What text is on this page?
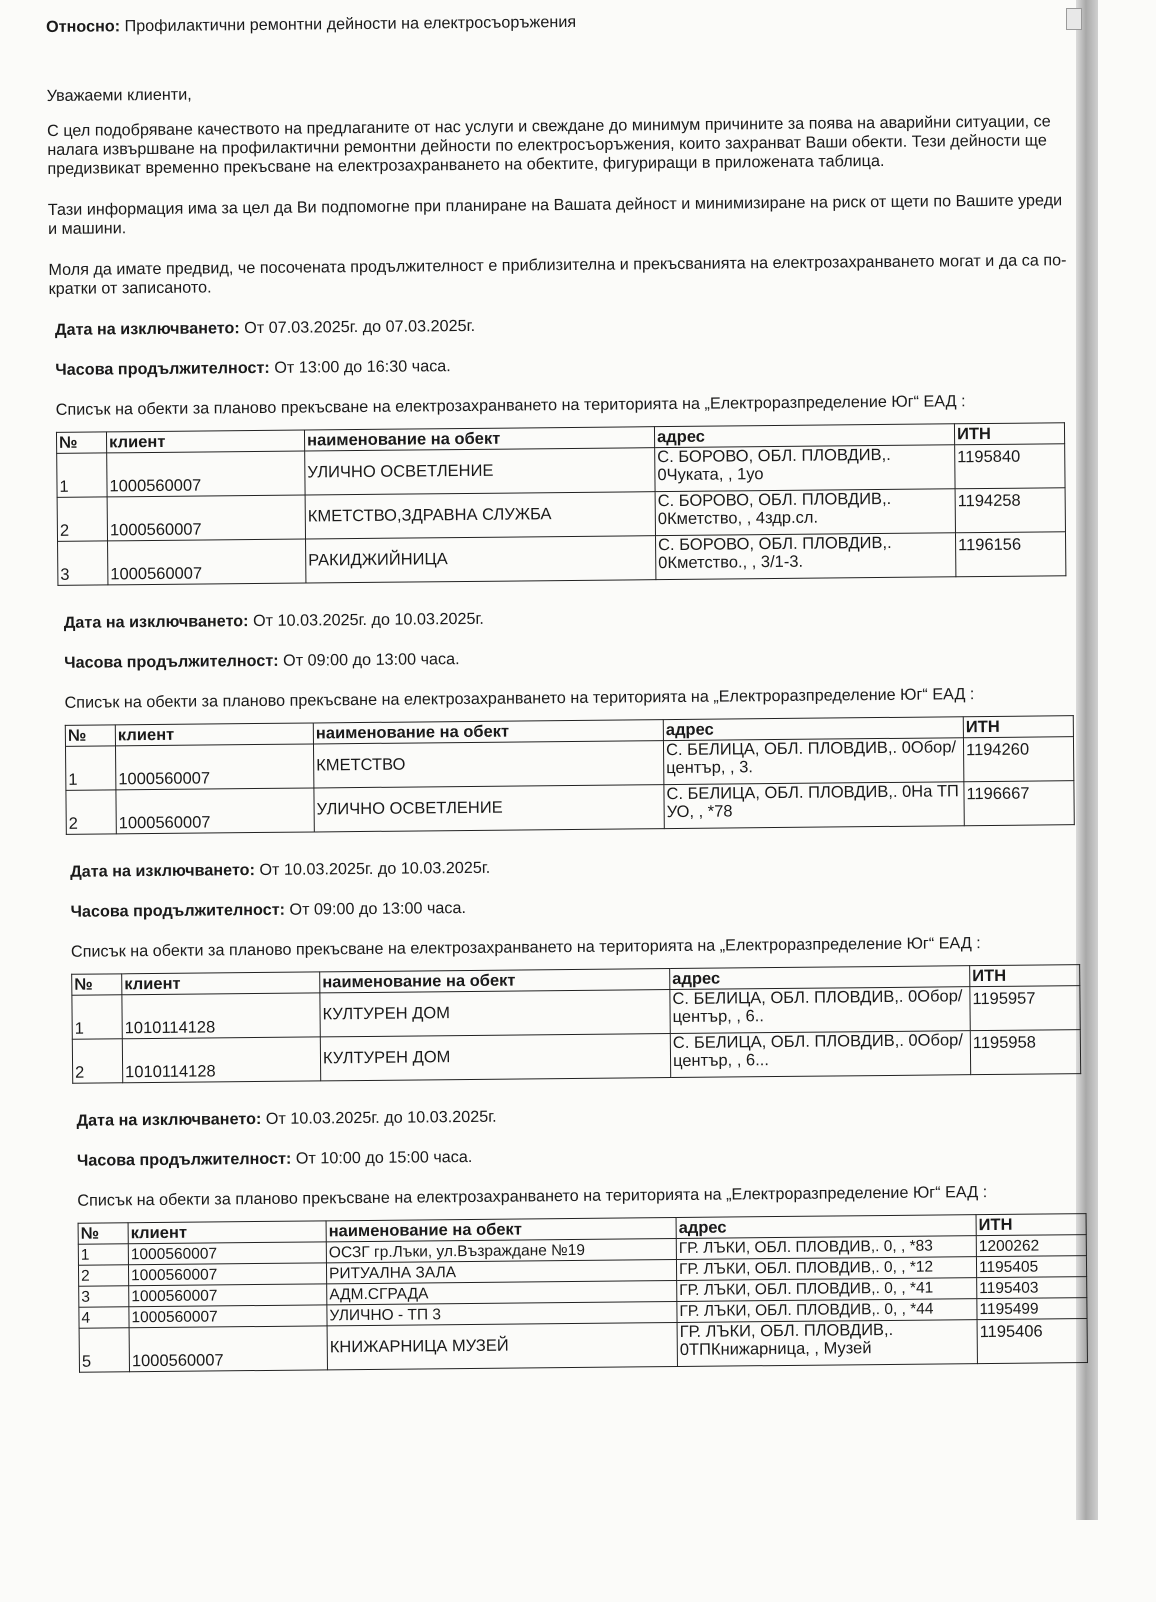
Относно: Профилактични ремонтни дейности на електросъоръжения

Уважаеми клиенти,

С цел подобряване качеството на предлаганите от нас услуги и свеждане до минимум причините за поява на аварийни ситуации, се налага извършване на профилактични ремонтни дейности по електросъоръжения, които захранват Ваши обекти. Тези дейности ще предизвикат временно прекъсване на електрозахранването на обектите, фигуриращи в приложената таблица.

Тази информация има за цел да Ви подпомогне при планиране на Вашата дейност и минимизиране на риск от щети по Вашите уреди и машини.

Моля да имате предвид, че посочената продължителност е приблизителна и прекъсванията на електрозахранването могат и да са по-кратки от записаното.

Дата на изключването: От 07.03.2025г. до 07.03.2025г.
Часова продължителност: От 13:00 до 16:30 часа.
Списък на обекти за планово прекъсване на електрозахранването на територията на „Електроразпределение Юг“ ЕАД :
№	клиент	наименование на обект	адрес	ИТН
1	1000560007	УЛИЧНО ОСВЕТЛЕНИЕ	С. БОРОВО, ОБЛ. ПЛОВДИВ,. 0Чуката, , 1уо	1195840
2	1000560007	КМЕТСТВО,ЗДРАВНА СЛУЖБА	С. БОРОВО, ОБЛ. ПЛОВДИВ,. 0Кметство, , 4здр.сл.	1194258
3	1000560007	РАКИДЖИЙНИЦА	С. БОРОВО, ОБЛ. ПЛОВДИВ,. 0Кметство., , 3/1-3.	1196156
Дата на изключването: От 10.03.2025г. до 10.03.2025г.
Часова продължителност: От 09:00 до 13:00 часа.
Списък на обекти за планово прекъсване на електрозахранването на територията на „Електроразпределение Юг“ ЕАД :
№	клиент	наименование на обект	адрес	ИТН
1	1000560007	КМЕТСТВО	С. БЕЛИЦА, ОБЛ. ПЛОВДИВ,. 0Обор/център, , 3.	1194260
2	1000560007	УЛИЧНО ОСВЕТЛЕНИЕ	С. БЕЛИЦА, ОБЛ. ПЛОВДИВ,. 0На ТП УО, , *78	1196667
Дата на изключването: От 10.03.2025г. до 10.03.2025г.
Часова продължителност: От 09:00 до 13:00 часа.
Списък на обекти за планово прекъсване на електрозахранването на територията на „Електроразпределение Юг“ ЕАД :
№	клиент	наименование на обект	адрес	ИТН
1	1010114128	КУЛТУРЕН ДОМ	С. БЕЛИЦА, ОБЛ. ПЛОВДИВ,. 0Обор/център, , 6..	1195957
2	1010114128	КУЛТУРЕН ДОМ	С. БЕЛИЦА, ОБЛ. ПЛОВДИВ,. 0Обор/център, , 6...	1195958
Дата на изключването: От 10.03.2025г. до 10.03.2025г.
Часова продължителност: От 10:00 до 15:00 часа.
Списък на обекти за планово прекъсване на електрозахранването на територията на „Електроразпределение Юг“ ЕАД :
№	клиент	наименование на обект	адрес	ИТН
1	1000560007	ОСЗГ гр.Лъки, ул.Възраждане №19	ГР. ЛЪКИ, ОБЛ. ПЛОВДИВ,. 0, , *83	1200262
2	1000560007	РИТУАЛНА ЗАЛА	ГР. ЛЪКИ, ОБЛ. ПЛОВДИВ,. 0, , *12	1195405
3	1000560007	АДМ.СГРАДА	ГР. ЛЪКИ, ОБЛ. ПЛОВДИВ,. 0, , *41	1195403
4	1000560007	УЛИЧНО - ТП 3	ГР. ЛЪКИ, ОБЛ. ПЛОВДИВ,. 0, , *44	1195499
5	1000560007	КНИЖАРНИЦА МУЗЕЙ	ГР. ЛЪКИ, ОБЛ. ПЛОВДИВ,. 0ТПКнижарница, , Музей	1195406
